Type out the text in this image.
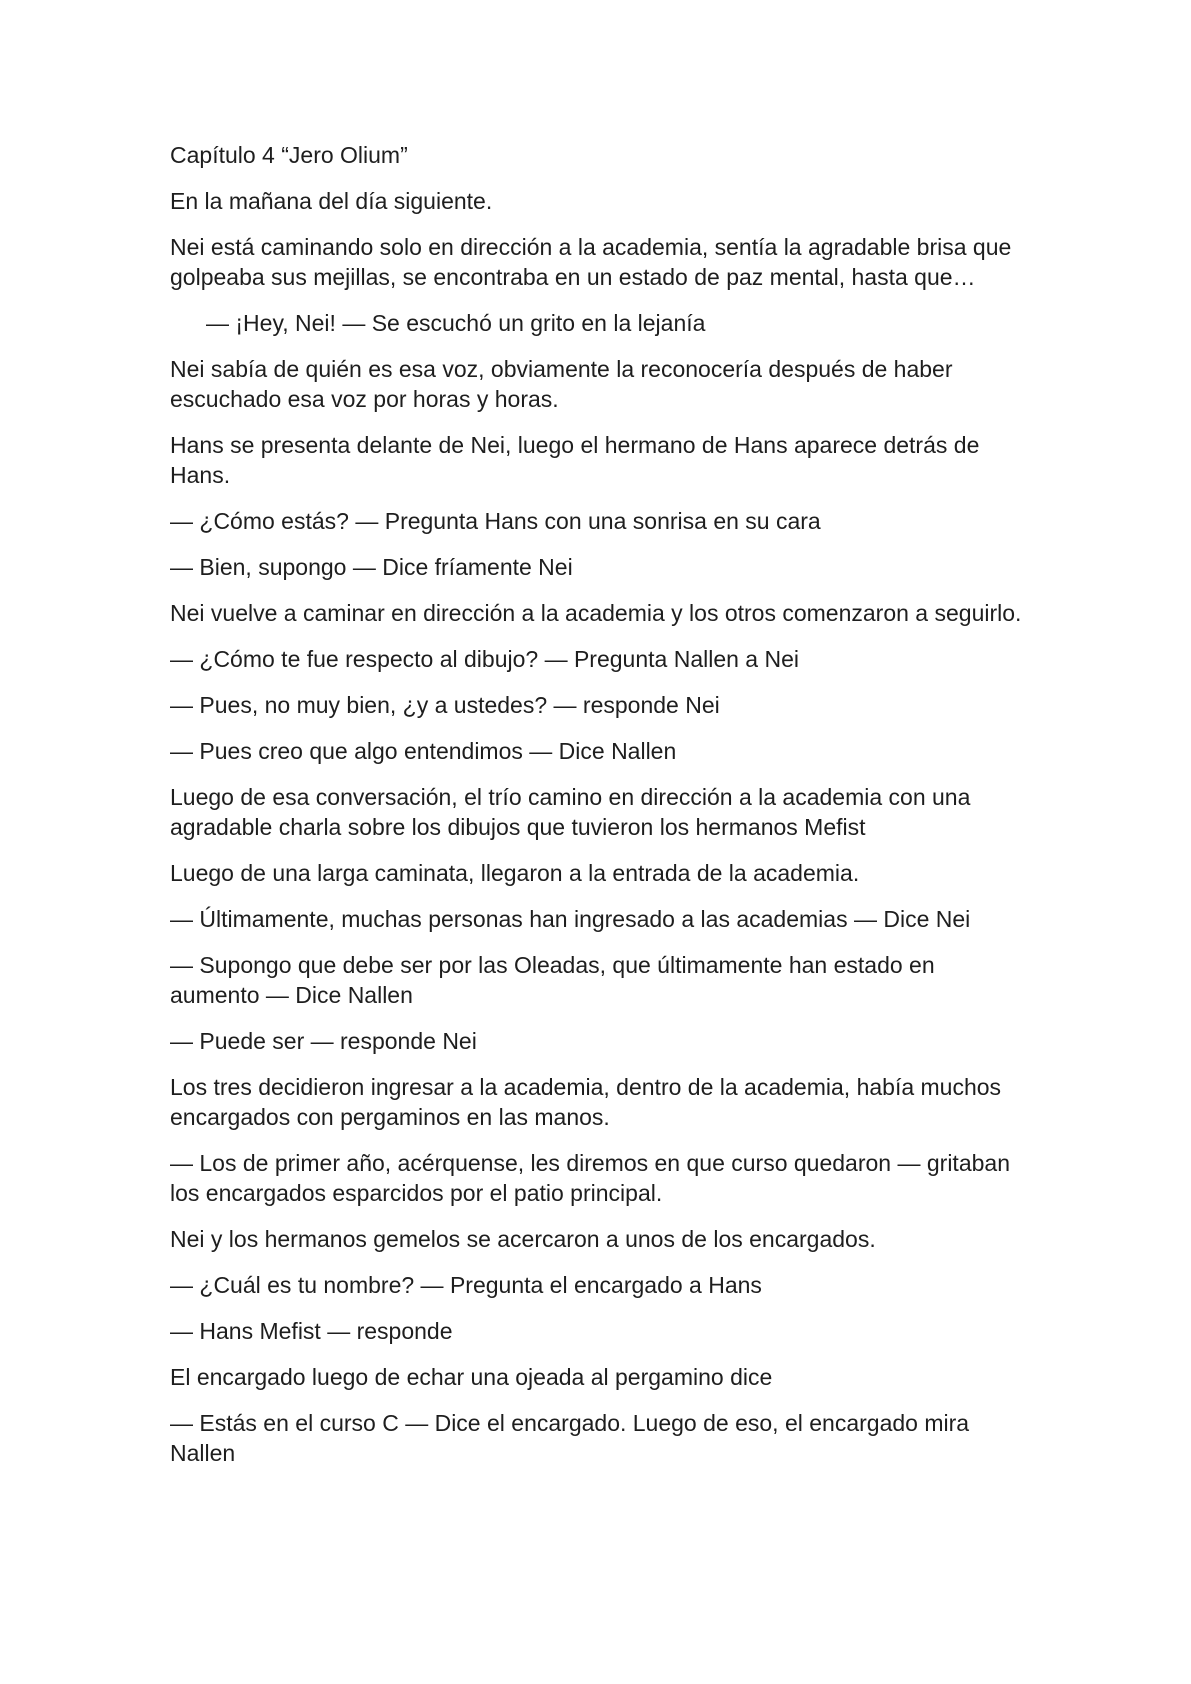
Capítulo 4 “Jero Olium”

En la mañana del día siguiente.

Nei está caminando solo en dirección a la academia, sentía la agradable brisa que golpeaba sus mejillas, se encontraba en un estado de paz mental, hasta que…

— ¡Hey, Nei! — Se escuchó un grito en la lejanía

Nei sabía de quién es esa voz, obviamente la reconocería después de haber escuchado esa voz por horas y horas.

Hans se presenta delante de Nei, luego el hermano de Hans aparece detrás de Hans.

— ¿Cómo estás? — Pregunta Hans con una sonrisa en su cara

— Bien, supongo — Dice fríamente Nei

Nei vuelve a caminar en dirección a la academia y los otros comenzaron a seguirlo.

— ¿Cómo te fue respecto al dibujo? — Pregunta Nallen a Nei

— Pues, no muy bien, ¿y a ustedes? — responde Nei

— Pues creo que algo entendimos — Dice Nallen

Luego de esa conversación, el trío camino en dirección a la academia con una agradable charla sobre los dibujos que tuvieron los hermanos Mefist

Luego de una larga caminata, llegaron a la entrada de la academia.

— Últimamente, muchas personas han ingresado a las academias — Dice Nei

— Supongo que debe ser por las Oleadas, que últimamente han estado en aumento — Dice Nallen

— Puede ser — responde Nei

Los tres decidieron ingresar a la academia, dentro de la academia, había muchos encargados con pergaminos en las manos.

— Los de primer año, acérquense, les diremos en que curso quedaron — gritaban los encargados esparcidos por el patio principal.

Nei y los hermanos gemelos se acercaron a unos de los encargados.

— ¿Cuál es tu nombre? — Pregunta el encargado a Hans

— Hans Mefist — responde

El encargado luego de echar una ojeada al pergamino dice

— Estás en el curso C — Dice el encargado. Luego de eso, el encargado mira Nallen
